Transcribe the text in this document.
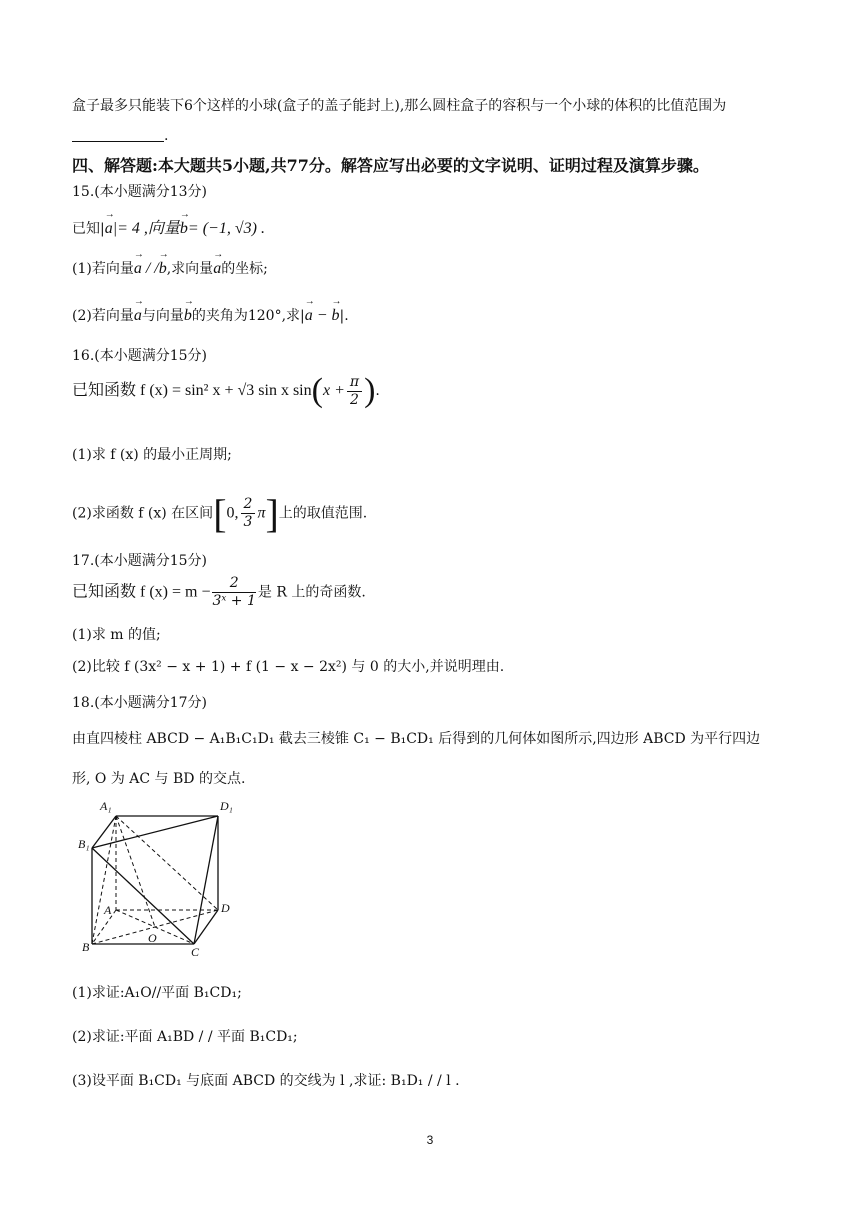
盒子最多只能装下6个这样的小球(盒子的盖子能封上),那么圆柱盒子的容积与一个小球的体积的比值范围为
.
四、解答题:本大题共5小题,共77分。解答应写出必要的文字说明、证明过程及演算步骤。
15.(本小题满分13分)
已知|→ a|= 4 ,向量→ b= (−1, √3) .
(1)若向量→ a / /→ b,求向量→ a的坐标;
(2)若向量→ a与向量→ b的夹角为120°,求|→ a − → b|.
16.(本小题满分15分)
已知函数 f (x) = sin² x + √3 sin x $\sin(x + \frac{\pi}{2}$ ).
(1)求 f (x) 的最小正周期;
(2)求函数 f (x) 在区间[0, $\frac{2}{3} \pi$]上的取值范围.
17.(本小题满分15分)
已知函数 f $(x) = m - \frac{2}{\text{3ˣ + 1}}$ 是 R 上的奇函数.
(1)求 m 的值;
(2)比较 f (3x² − x + 1) + f (1 − x − 2x²) 与 0 的大小,并说明理由.
18.(本小题满分17分)
由直四棱柱 ABCD − A₁B₁C₁D₁ 截去三棱锥 C₁ − B₁CD₁ 后得到的几何体如图所示,四边形 ABCD 为平行四边
形, O 为 AC 与 BD 的交点.
A₁	D₁
B₁
A	D
B
O
C
(1)求证:A₁O//平面 B₁CD₁;
(2)求证:平面 A₁BD / / 平面 B₁CD₁;
(3)设平面 B₁CD₁ 与底面 ABCD 的交线为 l ,求证: B₁D₁ / / l .
3
